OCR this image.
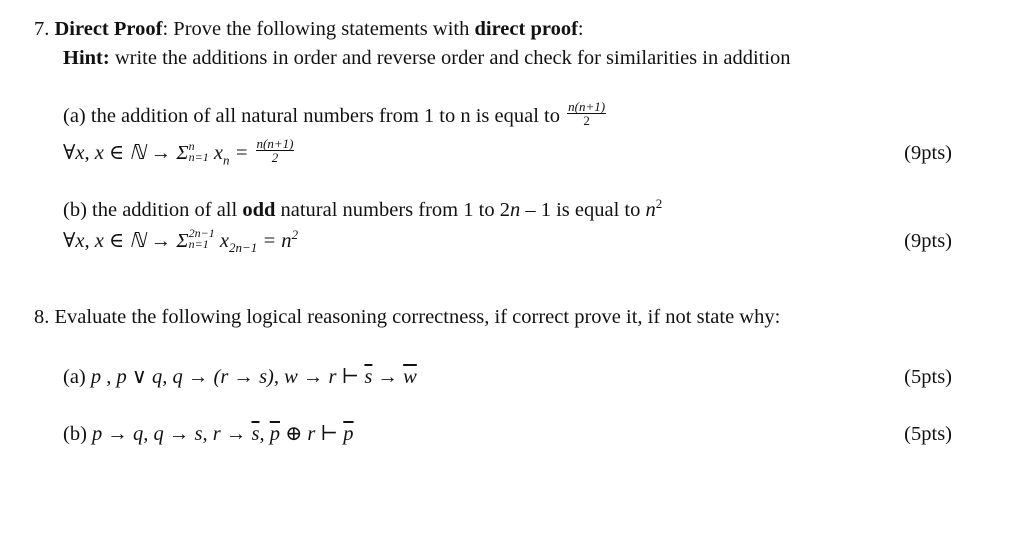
7. Direct Proof: Prove the following statements with direct proof:
Hint: write the additions in order and reverse order and check for similarities in addition
(a) the addition of all natural numbers from 1 to n is equal to $\frac{n(n+1)}{2}$
∀x, x ∈ ℕ → Σ n
n=1 $x_n = \frac{n(n+1)}{2}$	(9pts)
(b) the addition of all odd natural numbers from 1 to 2n – 1 is equal to $n^2$
∀x, x ∈ ℕ → Σ 2n−1
n=1 $x_{2n-1} = n^2$	(9pts)
8. Evaluate the following logical reasoning correctness, if correct prove it, if not state why:
(a) p , p ∨ q, q → (r → s), w → r ⊢ $\overline{s} \to \overline{w}$	(5pts)
(b) p → q, q → s, $r \to \overline{s}$, $\overline{p}$ ⊕ r ⊢ $\overline{p}$	(5pts)
